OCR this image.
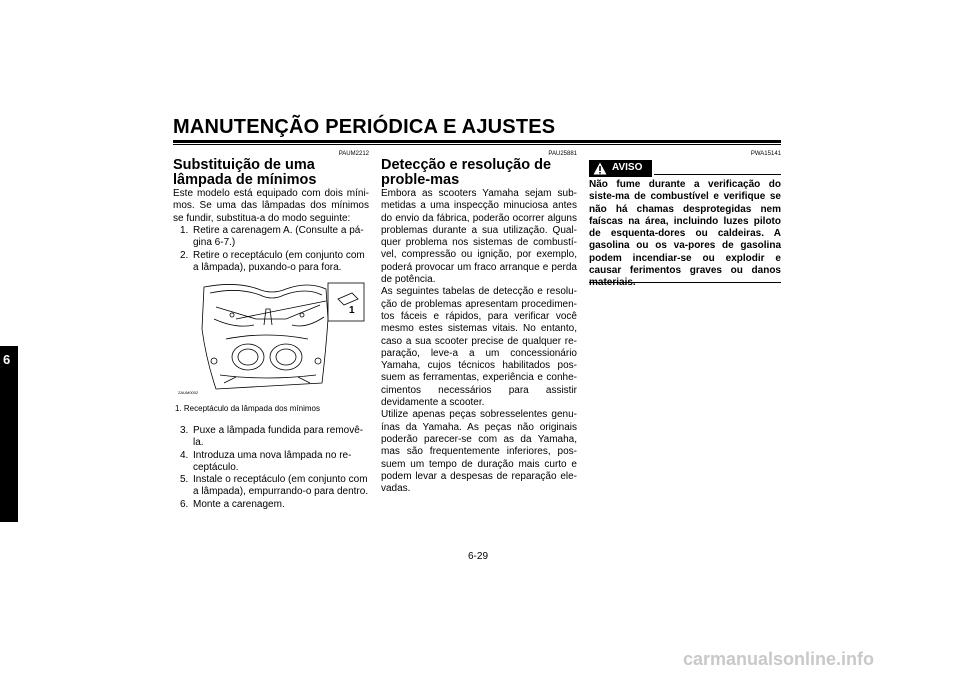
MANUTENÇÃO PERIÓDICA E AJUSTES
6
PAUM2212
Substituição de uma lâmpada de mínimos

Este modelo está equipado com dois míni-mos. Se uma das lâmpadas dos mínimos se fundir, substitua-a do modo seguinte:

1. Retire a carenagem A. (Consulte a pá-gina 6-7.)
2. Retire o receptáculo (em conjunto com a lâmpada), puxando-o para fora.
1
ZAUM0002
1. Receptáculo da lâmpada dos mínimos
3. Puxe a lâmpada fundida para removê-la.
4. Introduza uma nova lâmpada no re-ceptáculo.
5. Instale o receptáculo (em conjunto com a lâmpada), empurrando-o para dentro.
6. Monte a carenagem.
PAU25881
Detecção e resolução de proble-mas

Embora as scooters Yamaha sejam sub-metidas a uma inspecção minuciosa antes do envio da fábrica, poderão ocorrer alguns problemas durante a sua utilização. Qual-quer problema nos sistemas de combustí-vel, compressão ou ignição, por exemplo, poderá provocar um fraco arranque e perda de potência.

As seguintes tabelas de detecção e resolu-ção de problemas apresentam procedimen-tos fáceis e rápidos, para verificar você mesmo estes sistemas vitais. No entanto, caso a sua scooter precise de qualquer re-paração, leve-a a um concessionário Yamaha, cujos técnicos habilitados pos-suem as ferramentas, experiência e conhe-cimentos necessários para assistir devidamente a scooter.

Utilize apenas peças sobresselentes genu-ínas da Yamaha. As peças não originais poderão parecer-se com as da Yamaha, mas são frequentemente inferiores, pos-suem um tempo de duração mais curto e podem levar a despesas de reparação ele-vadas.

PWA15141
AVISO
Não fume durante a verificação do siste-ma de combustível e verifique se não há chamas desprotegidas nem faíscas na área, incluindo luzes piloto de esquenta-dores ou caldeiras. A gasolina ou os va-pores de gasolina podem incendiar-se ou explodir e causar ferimentos graves ou danos
6-29
carmanualsonline.info
